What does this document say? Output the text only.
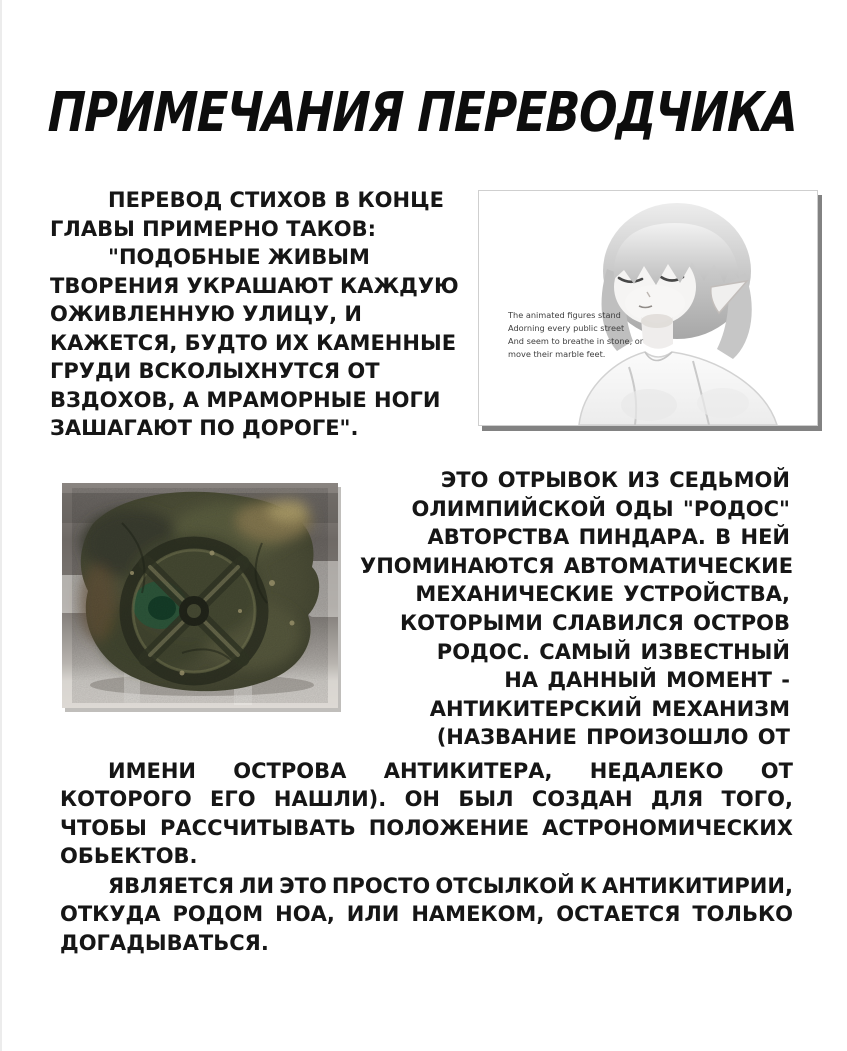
ПРИМЕЧАНИЯ ПЕРЕВОДЧИКА
ПЕРЕВОД СТИХОВ В КОНЦЕ
ГЛАВЫ ПРИМЕРНО ТАКОВ:
"ПОДОБНЫЕ ЖИВЫМ
ТВОРЕНИЯ УКРАШАЮТ КАЖДУЮ
ОЖИВЛЕННУЮ УЛИЦУ, И
КАЖЕТСЯ, БУДТО ИХ КАМЕННЫЕ
ГРУДИ ВСКОЛЫХНУТСЯ ОТ
ВЗДОХОВ, А МРАМОРНЫЕ НОГИ
ЗАШАГАЮТ ПО ДОРОГЕ".
The animated figures stand
Adorning every public street
And seem to breathe in stone, or
move their marble feet.
ЭТО ОТРЫВОК ИЗ СЕДЬМОЙ
ОЛИМПИЙСКОЙ ОДЫ "РОДОС"
АВТОРСТВА ПИНДАРА. В НЕЙ
УПОМИНАЮТСЯ АВТОМАТИЧЕСКИЕ
МЕХАНИЧЕСКИЕ УСТРОЙСТВА,
КОТОРЫМИ СЛАВИЛСЯ ОСТРОВ
РОДОС. САМЫЙ ИЗВЕСТНЫЙ
НА ДАННЫЙ МОМЕНТ -
АНТИКИТЕРСКИЙ МЕХАНИЗМ
(НАЗВАНИЕ ПРОИЗОШЛО ОТ
ИМЕНИ ОСТРОВА АНТИКИТЕРА, НЕДАЛЕКО ОТ
КОТОРОГО ЕГО НАШЛИ). ОН БЫЛ СОЗДАН ДЛЯ ТОГО,
ЧТОБЫ РАССЧИТЫВАТЬ ПОЛОЖЕНИЕ АСТРОНОМИЧЕСКИХ
ОБЬЕКТОВ.
ЯВЛЯЕТСЯ ЛИ ЭТО ПРОСТО ОТСЫЛКОЙ К АНТИКИТИРИИ,
ОТКУДА РОДОМ НОА, ИЛИ НАМЕКОМ, ОСТАЕТСЯ ТОЛЬКО
ДОГАДЫВАТЬСЯ.
